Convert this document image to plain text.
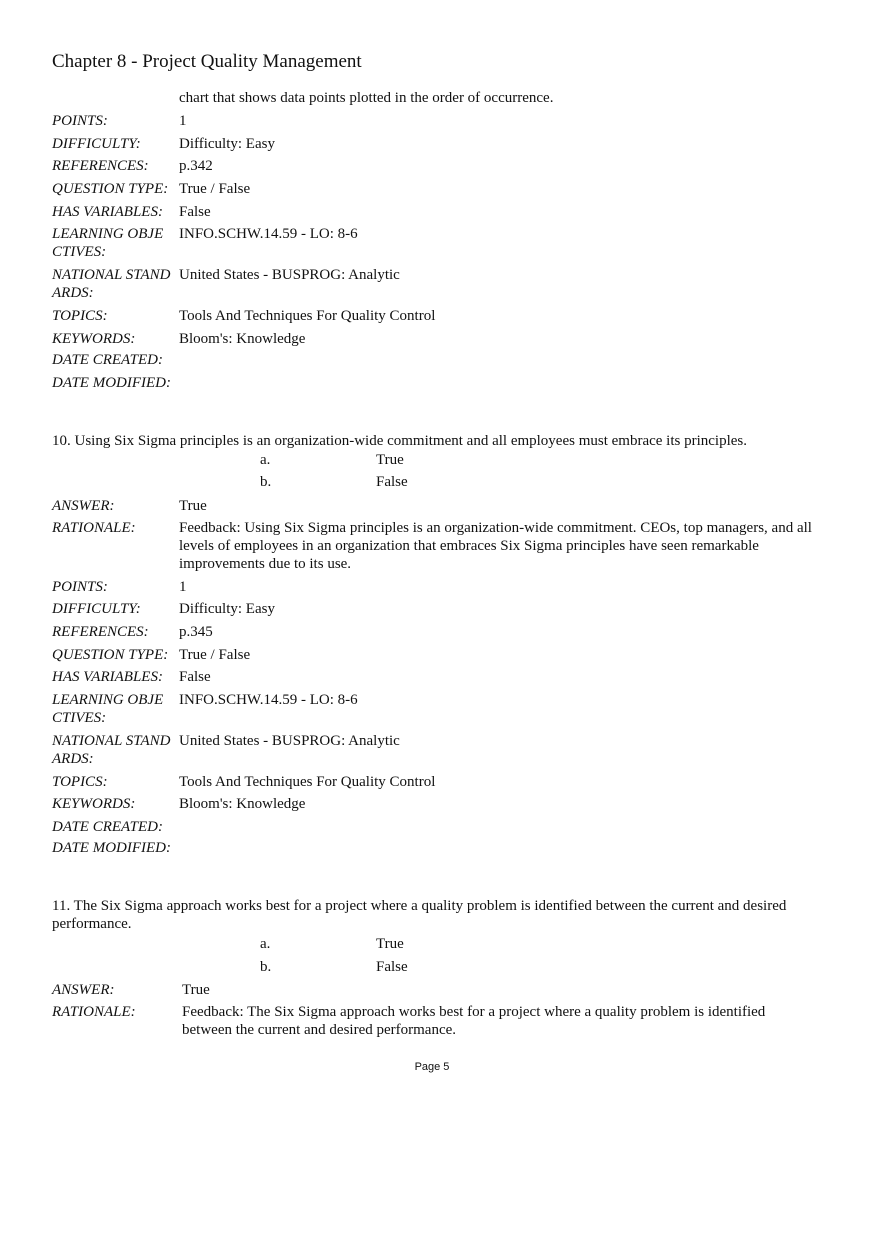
Chapter 8 - Project Quality Management
chart that shows data points plotted in the order of occurrence.
POINTS:	1
DIFFICULTY:	Difficulty: Easy
REFERENCES:	p.342
QUESTION TYPE: True / False
HAS VARIABLES:	False
LEARNING OBJE
CTIVES:
INFO.SCHW.14.59 - LO: 8-6
NATIONAL STAND
ARDS:
United States - BUSPROG: Analytic
TOPICS:	Tools And Techniques For Quality Control
KEYWORDS:	Bloom's: Knowledge
DATE CREATED:
DATE MODIFIED:
10. Using Six Sigma principles is an organization-wide commitment and all employees must embrace its principles.
a.	True
b.	False
ANSWER:	True
RATIONALE:	Feedback: Using Six Sigma principles is an organization-wide commitment. CEOs, top managers, and all levels of employees in an organization that embraces Six Sigma principles have seen remarkable improvements due to its use.
POINTS:	1
DIFFICULTY:	Difficulty: Easy
REFERENCES:	p.345
QUESTION TYPE: True / False
HAS VARIABLES:	False
LEARNING OBJE
CTIVES:
INFO.SCHW.14.59 - LO: 8-6
NATIONAL STAND
ARDS:
United States - BUSPROG: Analytic
TOPICS:	Tools And Techniques For Quality Control
KEYWORDS:	Bloom's: Knowledge
DATE CREATED:
DATE MODIFIED:
11. The Six Sigma approach works best for a project where a quality problem is identified between the current and desired performance.
a.	True
b.	False
ANSWER:	True
RATIONALE:	Feedback: The Six Sigma approach works best for a project where a quality problem is identified between the current and desired performance.
Page 5
